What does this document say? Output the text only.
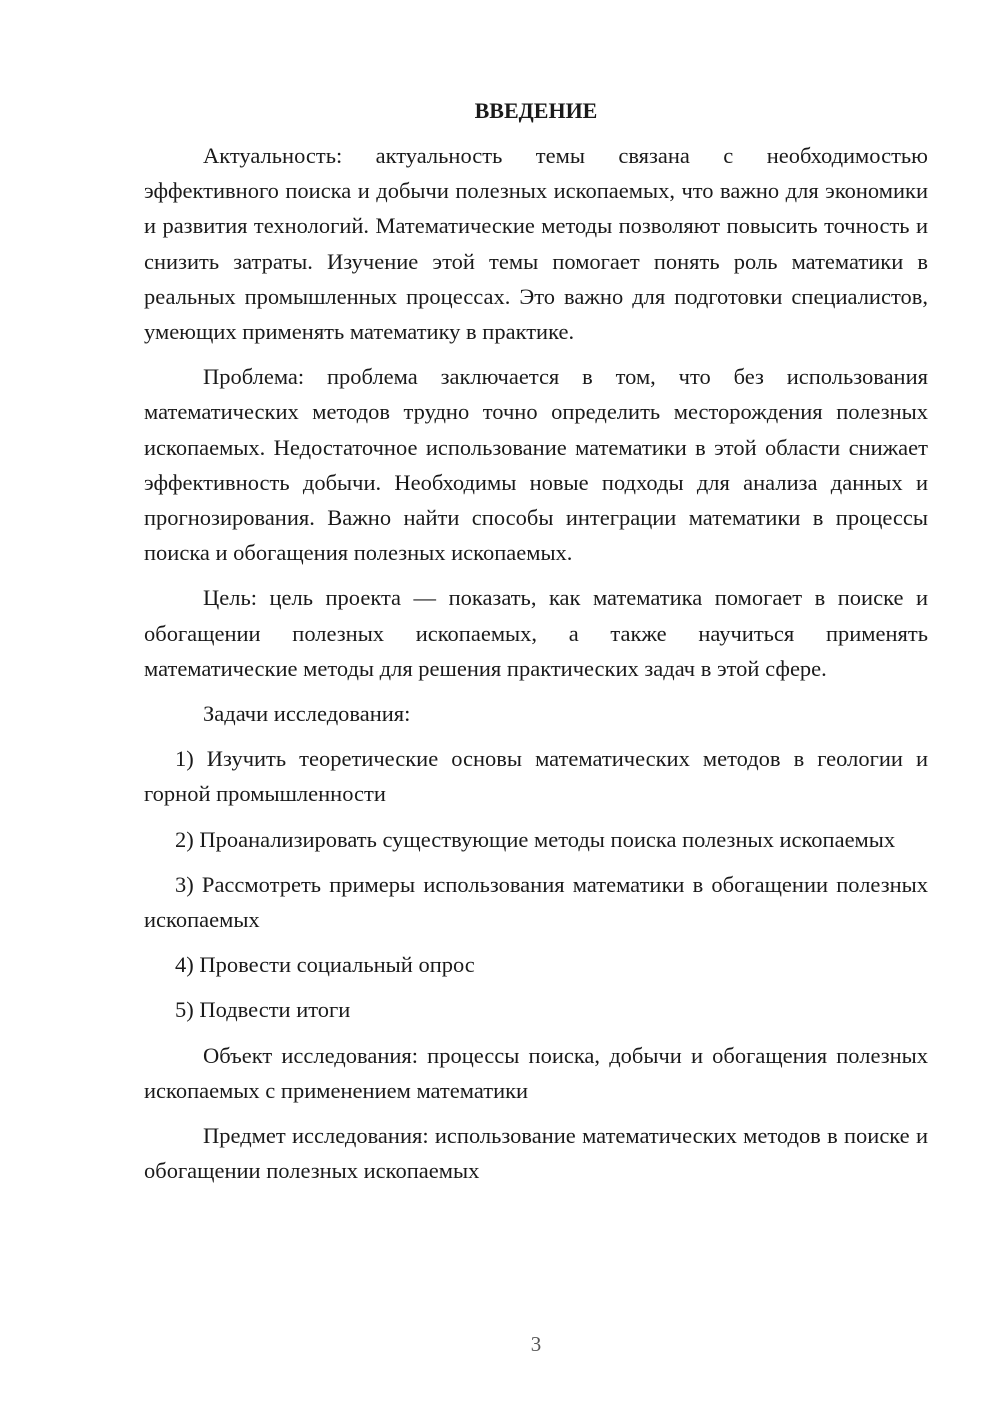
ВВЕДЕНИЕ

Актуальность: актуальность темы связана с необходимостью эффективного поиска и добычи полезных ископаемых, что важно для экономики и развития технологий. Математические методы позволяют повысить точность и снизить затраты. Изучение этой темы помогает понять роль математики в реальных промышленных процессах. Это важно для подготовки специалистов, умеющих применять математику в практике.

Проблема: проблема заключается в том, что без использования математических методов трудно точно определить месторождения полезных ископаемых. Недостаточное использование математики в этой области снижает эффективность добычи. Необходимы новые подходы для анализа данных и прогнозирования. Важно найти способы интеграции математики в процессы поиска и обогащения полезных ископаемых.

Цель: цель проекта — показать, как математика помогает в поиске и обогащении полезных ископаемых, а также научиться применять математические методы для решения практических задач в этой сфере.

Задачи исследования:

1) Изучить теоретические основы математических методов в геологии и горной промышленности

2) Проанализировать существующие методы поиска полезных ископаемых

3) Рассмотреть примеры использования математики в обогащении полезных ископаемых

4) Провести социальный опрос

5) Подвести итоги

Объект исследования: процессы поиска, добычи и обогащения полезных ископаемых с применением математики

Предмет исследования: использование математических методов в поиске и обогащении полезных ископаемых

3
